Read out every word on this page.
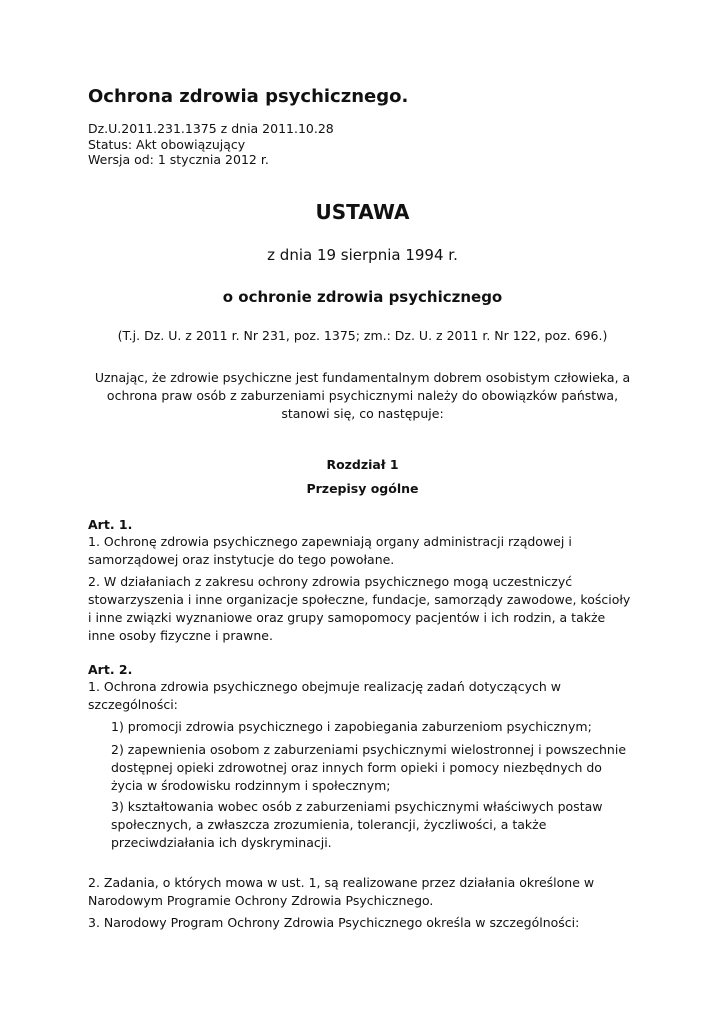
Ochrona zdrowia psychicznego.
Dz.U.2011.231.1375 z dnia 2011.10.28
Status: Akt obowiązujący
Wersja od: 1 stycznia 2012 r.
USTAWA
z dnia 19 sierpnia 1994 r.
o ochronie zdrowia psychicznego
(T.j. Dz. U. z 2011 r. Nr 231, poz. 1375; zm.: Dz. U. z 2011 r. Nr 122, poz. 696.)
Uznając, że zdrowie psychiczne jest fundamentalnym dobrem osobistym człowieka, a ochrona praw osób z zaburzeniami psychicznymi należy do obowiązków państwa, stanowi się, co następuje:
Rozdział 1
Przepisy ogólne
Art. 1.
1. Ochronę zdrowia psychicznego zapewniają organy administracji rządowej i samorządowej oraz instytucje do tego powołane.
2. W działaniach z zakresu ochrony zdrowia psychicznego mogą uczestniczyć stowarzyszenia i inne organizacje społeczne, fundacje, samorządy zawodowe, kościoły i inne związki wyznaniowe oraz grupy samopomocy pacjentów i ich rodzin, a także inne osoby fizyczne i prawne.
Art. 2.
1. Ochrona zdrowia psychicznego obejmuje realizację zadań dotyczących w szczególności:
1) promocji zdrowia psychicznego i zapobiegania zaburzeniom psychicznym;
2) zapewnienia osobom z zaburzeniami psychicznymi wielostronnej i powszechnie dostępnej opieki zdrowotnej oraz innych form opieki i pomocy niezbędnych do życia w środowisku rodzinnym i społecznym;
3) kształtowania wobec osób z zaburzeniami psychicznymi właściwych postaw społecznych, a zwłaszcza zrozumienia, tolerancji, życzliwości, a także przeciwdziałania ich dyskryminacji.
2. Zadania, o których mowa w ust. 1, są realizowane przez działania określone w Narodowym Programie Ochrony Zdrowia Psychicznego.
3. Narodowy Program Ochrony Zdrowia Psychicznego określa w szczególności:
